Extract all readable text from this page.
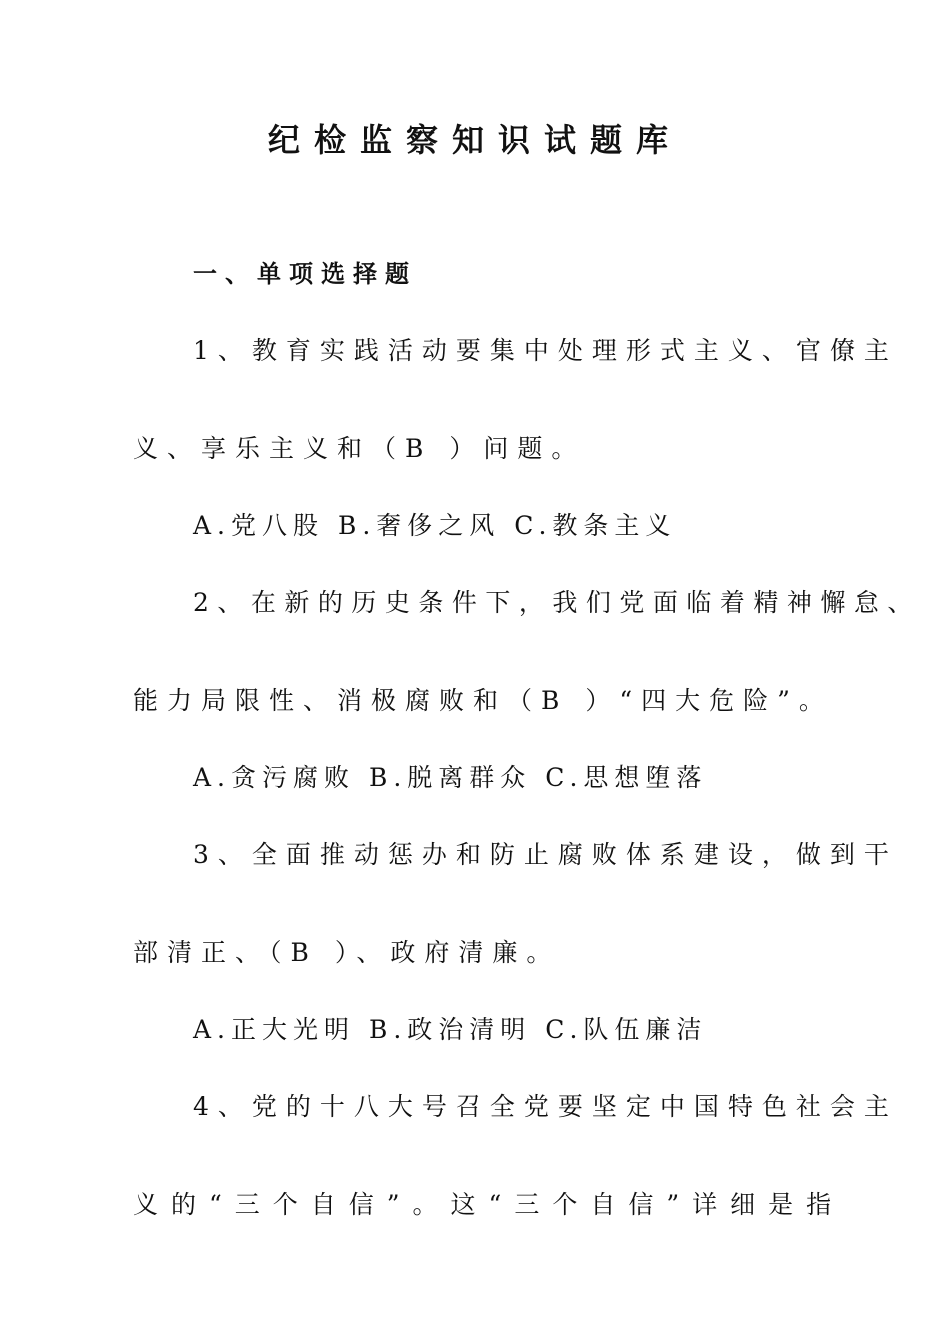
纪检监察知识试题库
一、单项选择题
1、教育实践活动要集中处理形式主义、官僚主
义、享乐主义和（B ）问题。
A.党八股 B.奢侈之风 C.教条主义
2、在新的历史条件下，我们党面临着精神懈怠、
能力局限性、消极腐败和（B ）“四大危险”。
A.贪污腐败 B.脱离群众 C.思想堕落
3、全面推动惩办和防止腐败体系建设，做到干
部清正、（B ）、政府清廉。
A.正大光明 B.政治清明 C.队伍廉洁
4、党的十八大号召全党要坚定中国特色社会主
义的“三个自信”。这“三个自信”详细是指
